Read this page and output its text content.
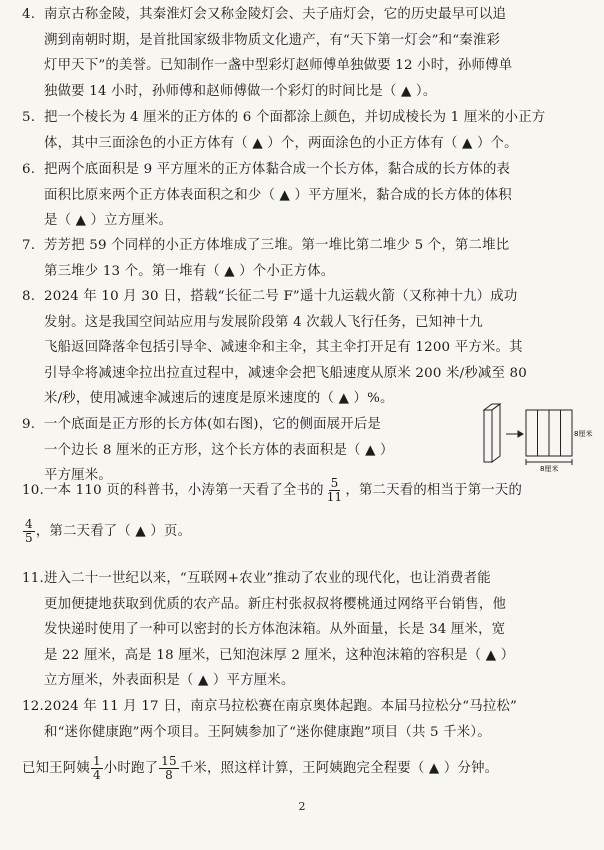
4. 南京古称金陵，其秦淮灯会又称金陵灯会、夫子庙灯会，它的历史最早可以追
溯到南朝时期，是首批国家级非物质文化遗产，有“天下第一灯会”和“秦淮彩
灯甲天下”的美誉。已知制作一盏中型彩灯赵师傅单独做要 12 小时，孙师傅单
独做要 14 小时，孙师傅和赵师傅做一个彩灯的时间比是（ ▲ ）。
5. 把一个棱长为 4 厘米的正方体的 6 个面都涂上颜色，并切成棱长为 1 厘米的小正方
体，其中三面涂色的小正方体有（ ▲ ）个，两面涂色的小正方体有（ ▲ ）个。
6. 把两个底面积是 9 平方厘米的正方体黏合成一个长方体，黏合成的长方体的表
面积比原来两个正方体表面积之和少（ ▲ ）平方厘米，黏合成的长方体的体积
是（ ▲ ）立方厘米。
7. 芳芳把 59 个同样的小正方体堆成了三堆。第一堆比第二堆少 5 个，第二堆比
第三堆少 13 个。第一堆有（ ▲ ）个小正方体。
8. 2024 年 10 月 30 日，搭载“长征二号 F”遥十九运载火箭（又称神十九）成功
发射。这是我国空间站应用与发展阶段第 4 次载人飞行任务，已知神十九
飞船返回降落伞包括引导伞、减速伞和主伞，其主伞打开足有 1200 平方米。其
引导伞将减速伞拉出拉直过程中，减速伞会把飞船速度从原米 200 米/秒减至 80
米/秒，使用减速伞减速后的速度是原米速度的（ ▲ ）%。
9. 一个底面是正方形的长方体(如右图)，它的侧面展开后是
一个边长 8 厘米的正方形，这个长方体的表面积是（ ▲ ）
平方厘米。
8厘米
8厘米
10.一本 110 页的科普书，小涛第一天看了全书的 $\frac{5}{11}$ ，第二天看的相当于第一天的
$\frac{4}{5}$ ，第二天看了（ ▲ ）页。
11.进入二十一世纪以来，“互联网+农业”推动了农业的现代化，也让消费者能
更加便捷地获取到优质的农产品。新庄村张叔叔将樱桃通过网络平台销售，他
发快递时使用了一种可以密封的长方体泡沫箱。从外面量，长是 34 厘米，宽
是 22 厘米，高是 18 厘米，已知泡沫厚 2 厘米，这种泡沫箱的容积是（ ▲ ）
立方厘米，外表面积是（ ▲ ）平方厘米。
12.2024 年 11 月 17 日，南京马拉松赛在南京奥体起跑。本届马拉松分“马拉松”
和“迷你健康跑”两个项目。王阿姨参加了“迷你健康跑”项目（共 5 千米）。
已知王阿姨 $\frac{1}{4}$ 小时跑了 $\frac{15}{8}$ 千米，照这样计算，王阿姨跑完全程要（ ▲ ）分钟。
2
